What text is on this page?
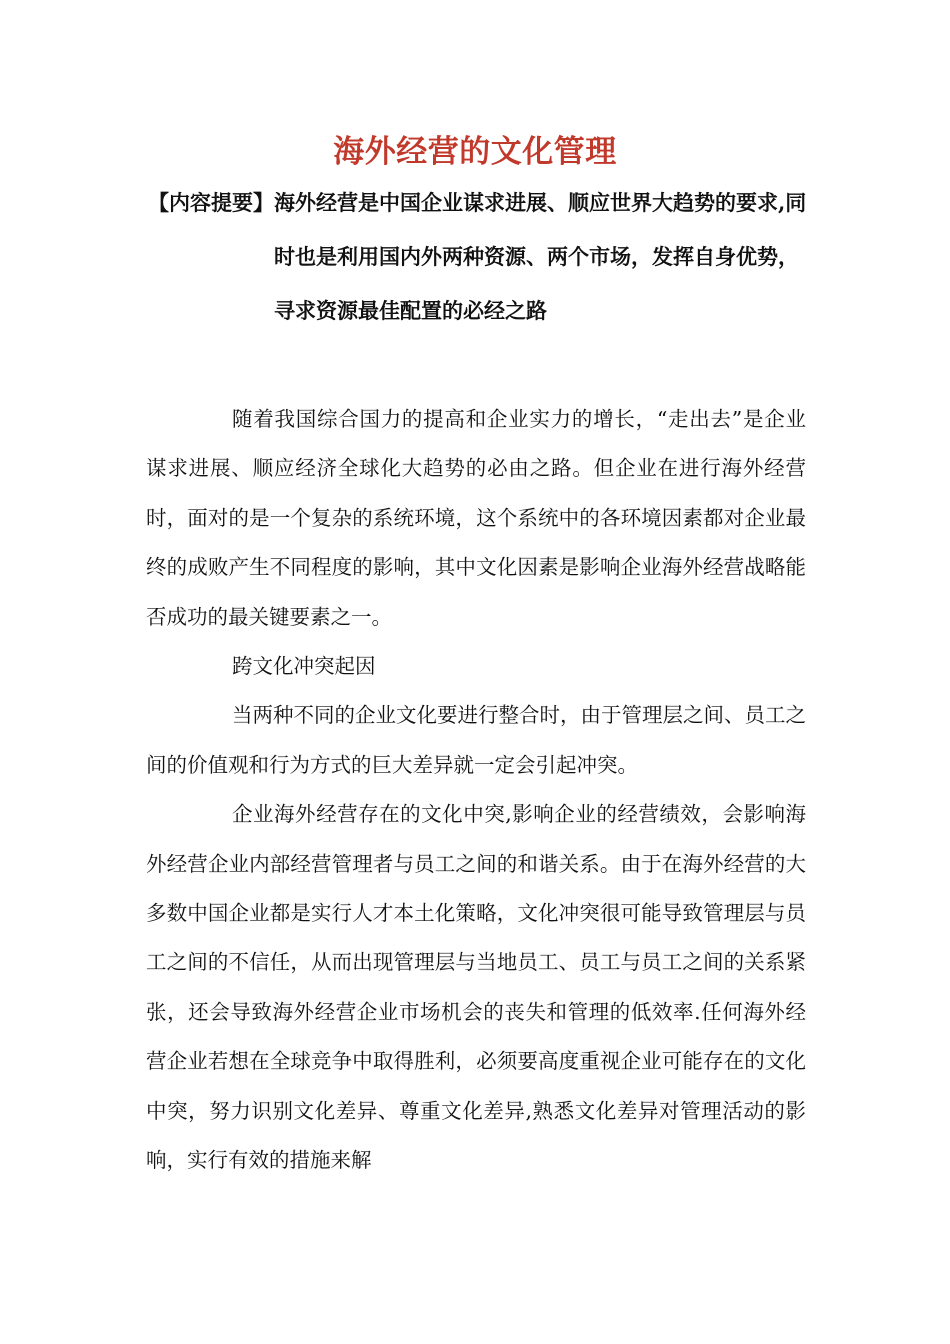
海外经营的文化管理
【内容提要】 海外经营是中国企业谋求进展、顺应世界大趋势的要求,同时也是利用国内外两种资源、两个市场，发挥自身优势，寻求资源最佳配置的必经之路

随着我国综合国力的提高和企业实力的增长，“走出去”是企业谋求进展、顺应经济全球化大趋势的必由之路。但企业在进行海外经营时，面对的是一个复杂的系统环境，这个系统中的各环境因素都对企业最终的成败产生不同程度的影响，其中文化因素是影响企业海外经营战略能否成功的最关键要素之一。

跨文化冲突起因

当两种不同的企业文化要进行整合时，由于管理层之间、员工之间的价值观和行为方式的巨大差异就一定会引起冲突。

企业海外经营存在的文化中突,影响企业的经营绩效，会影响海外经营企业内部经营管理者与员工之间的和谐关系。由于在海外经营的大多数中国企业都是实行人才本土化策略，文化冲突很可能导致管理层与员工之间的不信任，从而出现管理层与当地员工、员工与员工之间的关系紧张，还会导致海外经营企业市场机会的丧失和管理的低效率.任何海外经营企业若想在全球竞争中取得胜利，必须要高度重视企业可能存在的文化中突，努力识别文化差异、尊重文化差异,熟悉文化差异对管理活动的影响，实行有效的措施来解
